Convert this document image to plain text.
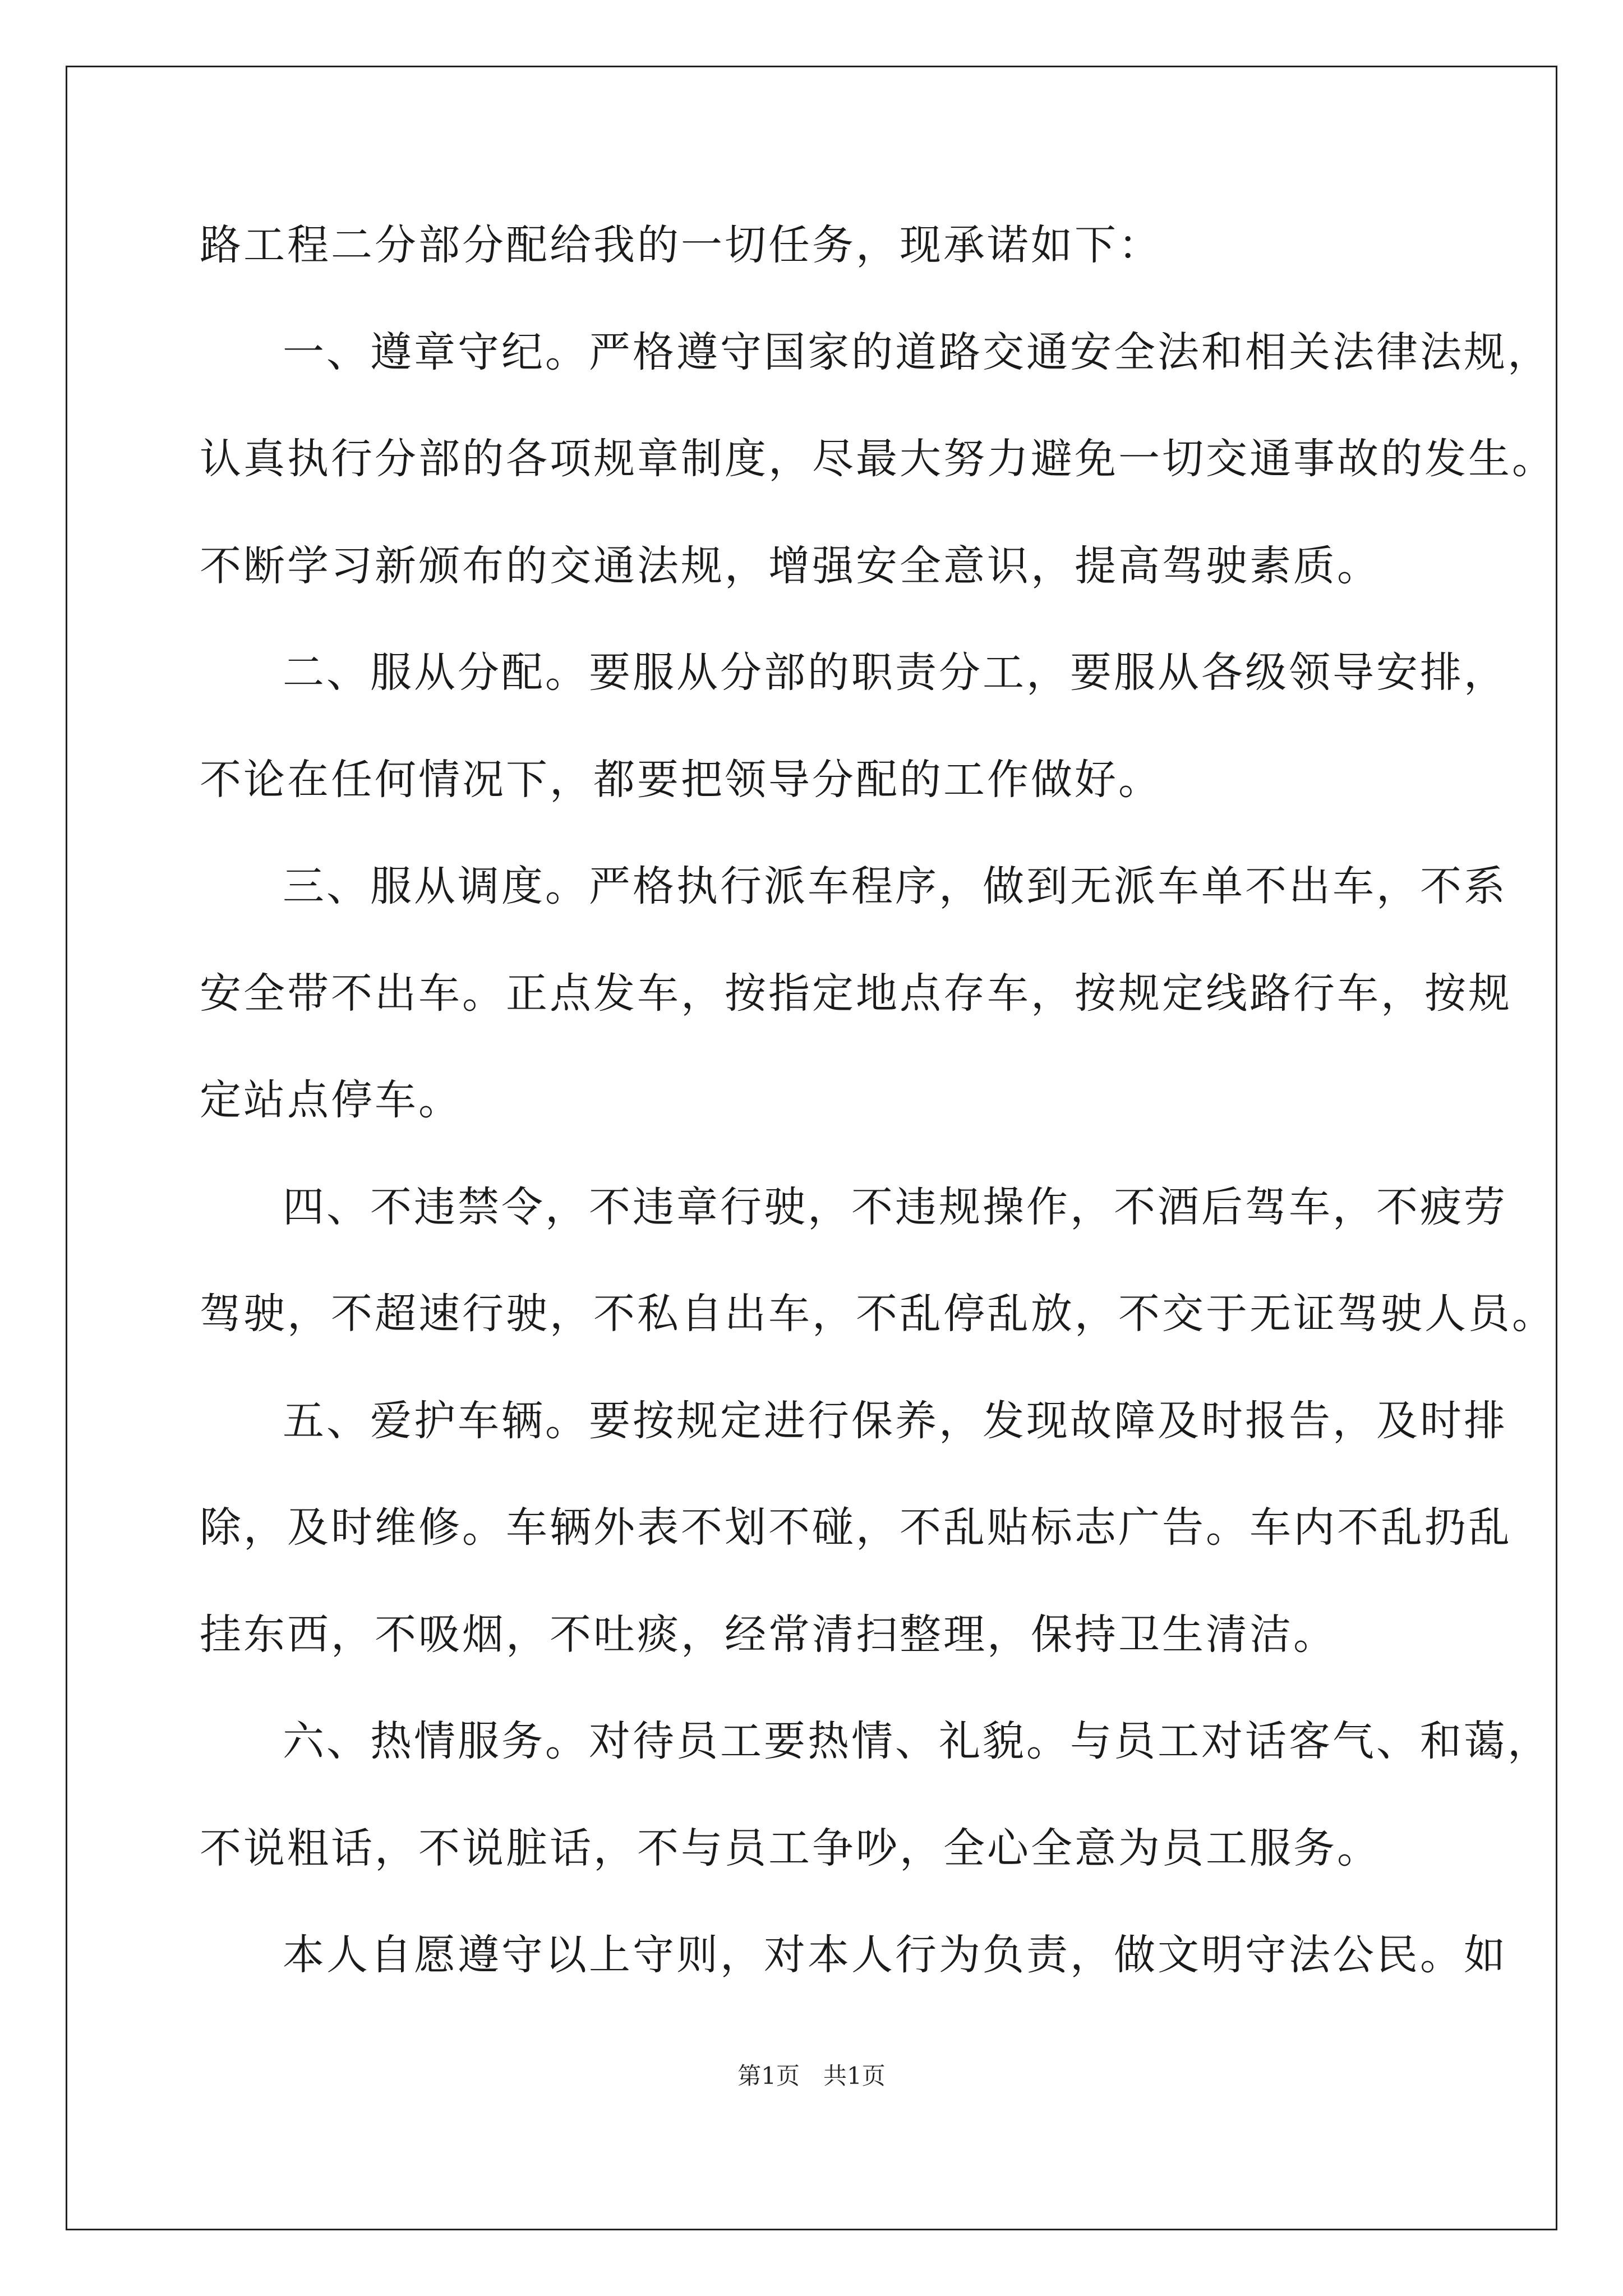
路工程二分部分配给我的一切任务，现承诺如下：
一、遵章守纪。严格遵守国家的道路交通安全法和相关法律法规，
认真执行分部的各项规章制度，尽最大努力避免一切交通事故的发生。
不断学习新颁布的交通法规，增强安全意识，提高驾驶素质。
二、服从分配。要服从分部的职责分工，要服从各级领导安排，
不论在任何情况下，都要把领导分配的工作做好。
三、服从调度。严格执行派车程序，做到无派车单不出车，不系
安全带不出车。正点发车，按指定地点存车，按规定线路行车，按规
定站点停车。
四、不违禁令，不违章行驶，不违规操作，不酒后驾车，不疲劳
驾驶，不超速行驶，不私自出车，不乱停乱放，不交于无证驾驶人员。
五、爱护车辆。要按规定进行保养，发现故障及时报告，及时排
除，及时维修。车辆外表不划不碰，不乱贴标志广告。车内不乱扔乱
挂东西，不吸烟，不吐痰，经常清扫整理，保持卫生清洁。
六、热情服务。对待员工要热情、礼貌。与员工对话客气、和蔼，
不说粗话，不说脏话，不与员工争吵，全心全意为员工服务。
本人自愿遵守以上守则，对本人行为负责，做文明守法公民。如
第1页　共1页
